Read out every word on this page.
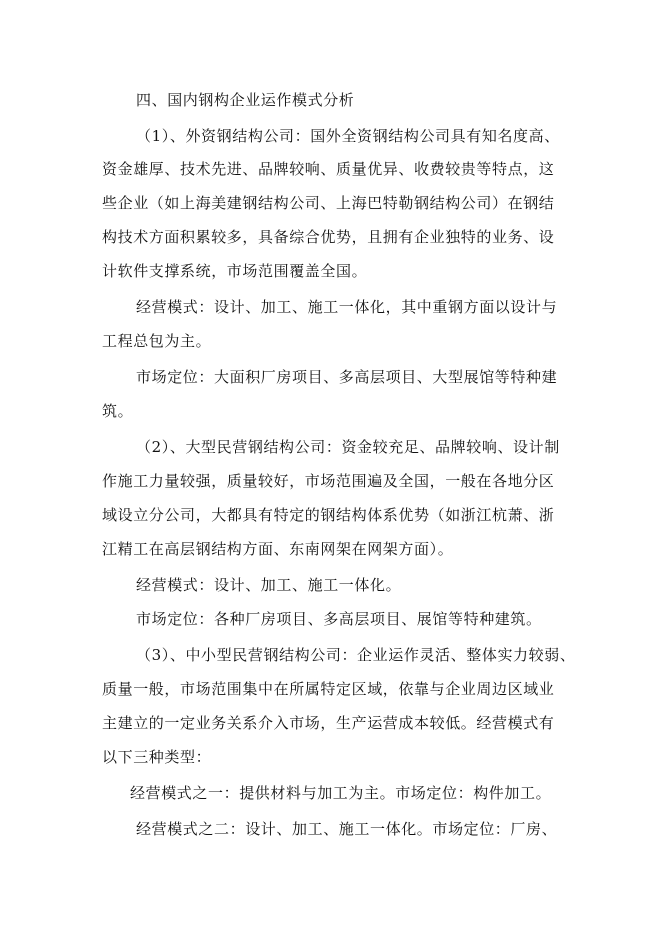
四、国内钢构企业运作模式分析
（1）、外资钢结构公司：国外全资钢结构公司具有知名度高、
资金雄厚、技术先进、品牌较响、质量优异、收费较贵等特点，这
些企业（如上海美建钢结构公司、上海巴特勒钢结构公司）在钢结
构技术方面积累较多，具备综合优势，且拥有企业独特的业务、设
计软件支撑系统，市场范围覆盖全国。
经营模式：设计、加工、施工一体化，其中重钢方面以设计与
工程总包为主。
市场定位：大面积厂房项目、多高层项目、大型展馆等特种建
筑。
（2）、大型民营钢结构公司：资金较充足、品牌较响、设计制
作施工力量较强，质量较好，市场范围遍及全国，一般在各地分区
域设立分公司，大都具有特定的钢结构体系优势（如浙江杭萧、浙
江精工在高层钢结构方面、东南网架在网架方面）。
经营模式：设计、加工、施工一体化。
市场定位：各种厂房项目、多高层项目、展馆等特种建筑。
（3）、中小型民营钢结构公司：企业运作灵活、整体实力较弱、
质量一般，市场范围集中在所属特定区域，依靠与企业周边区域业
主建立的一定业务关系介入市场，生产运营成本较低。经营模式有
以下三种类型：
经营模式之一：提供材料与加工为主。市场定位：构件加工。
经营模式之二：设计、加工、施工一体化。市场定位：厂房、
